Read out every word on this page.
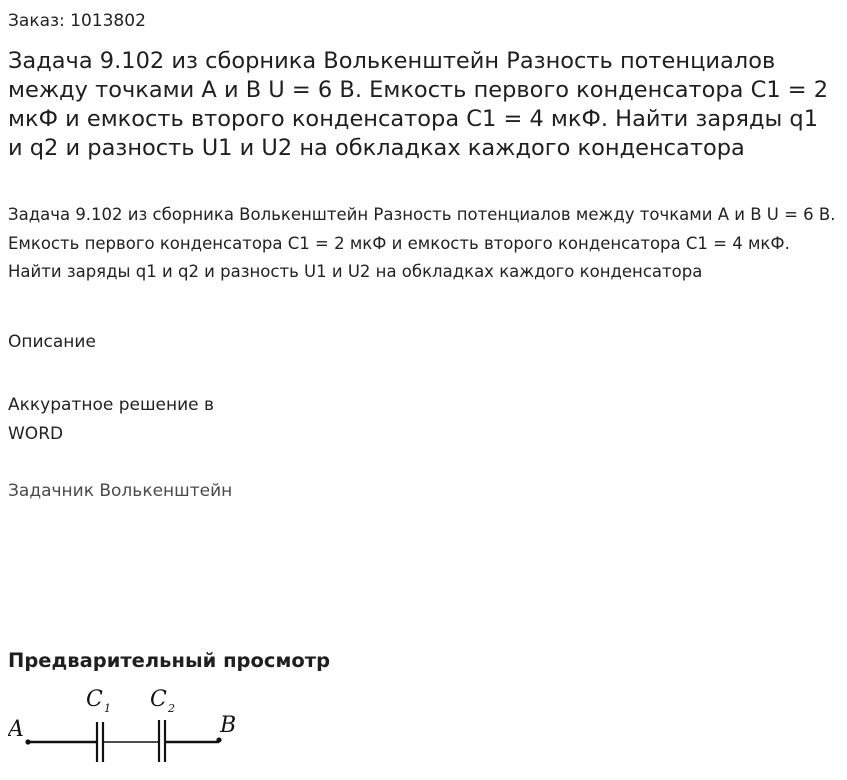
Заказ: 1013802
Задача 9.102 из сборника Волькенштейн Разность потенциалов между точками A и B U = 6 В. Емкость первого конденсатора C1 = 2 мкФ и емкость второго конденсатора C1 = 4 мкФ. Найти заряды q1 и q2 и разность U1 и U2 на обкладках каждого конденсатора
Задача 9.102 из сборника Волькенштейн Разность потенциалов между точками A и B U = 6 В. Емкость первого конденсатора C1 = 2 мкФ и емкость второго конденсатора C1 = 4 мкФ. Найти заряды q1 и q2 и разность U1 и U2 на обкладках каждого конденсатора
Описание
Аккуратное решение в
WORD
Задачник Волькенштейн
Предварительный просмотр
A	B
C 1 C 2
